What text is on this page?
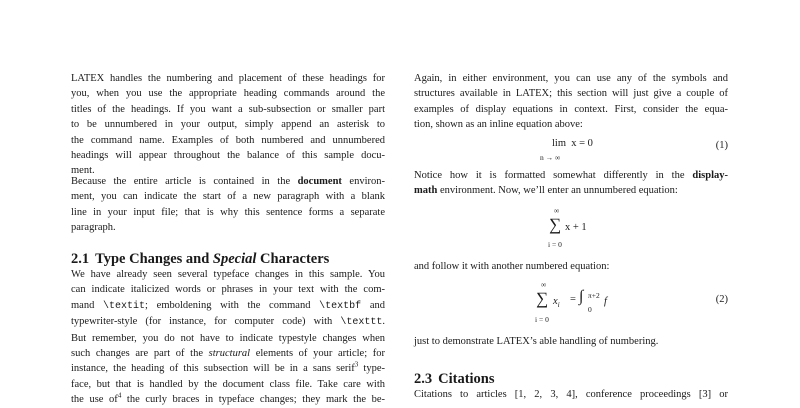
LATEX handles the numbering and placement of these headings for
you, when you use the appropriate heading commands around the
titles of the headings. If you want a sub-subsection or smaller part
to be unnumbered in your output, simply append an asterisk to
the command name. Examples of both numbered and unnumbered
headings will appear throughout the balance of this sample docu-
ment.
Because the entire article is contained in the document environ-
ment, you can indicate the start of a new paragraph with a blank
line in your input file; that is why this sentence forms a separate
paragraph.
2.1 Type Changes and Special Characters
We have already seen several typeface changes in this sample. You
can indicate italicized words or phrases in your text with the com-
mand \textit; emboldening with the command \textbf and
typewriter-style (for instance, for computer code) with \texttt.
But remember, you do not have to indicate typestyle changes when
such changes are part of the structural elements of your article; for
instance, the heading of this subsection will be in a sans serif$^3$ type-
face, but that is handled by the document class file. Take care with
the use $of^4$ the curly braces in typeface changes; they mark the be-
Again, in either environment, you can use any of the symbols and
structures available in LATEX; this section will just give a couple of
examples of display equations in context. First, consider the equa-
tion, shown as an inline equation above:
lim  x = 0
n → ∞
(1)
Notice how it is formatted somewhat differently in the display-
math environment. Now, we’ll enter an unnumbered equation:
∞
∑ x + 1
i = 0
and follow it with another numbered equation:
∞
∑ $x_i$ = ∫ π+2
0
f
i = 0
(2)
just to demonstrate LATEX’s able handling of numbering.
2.3 Citations
Citations to articles [1, 2, 3, 4], conference proceedings [3] or
